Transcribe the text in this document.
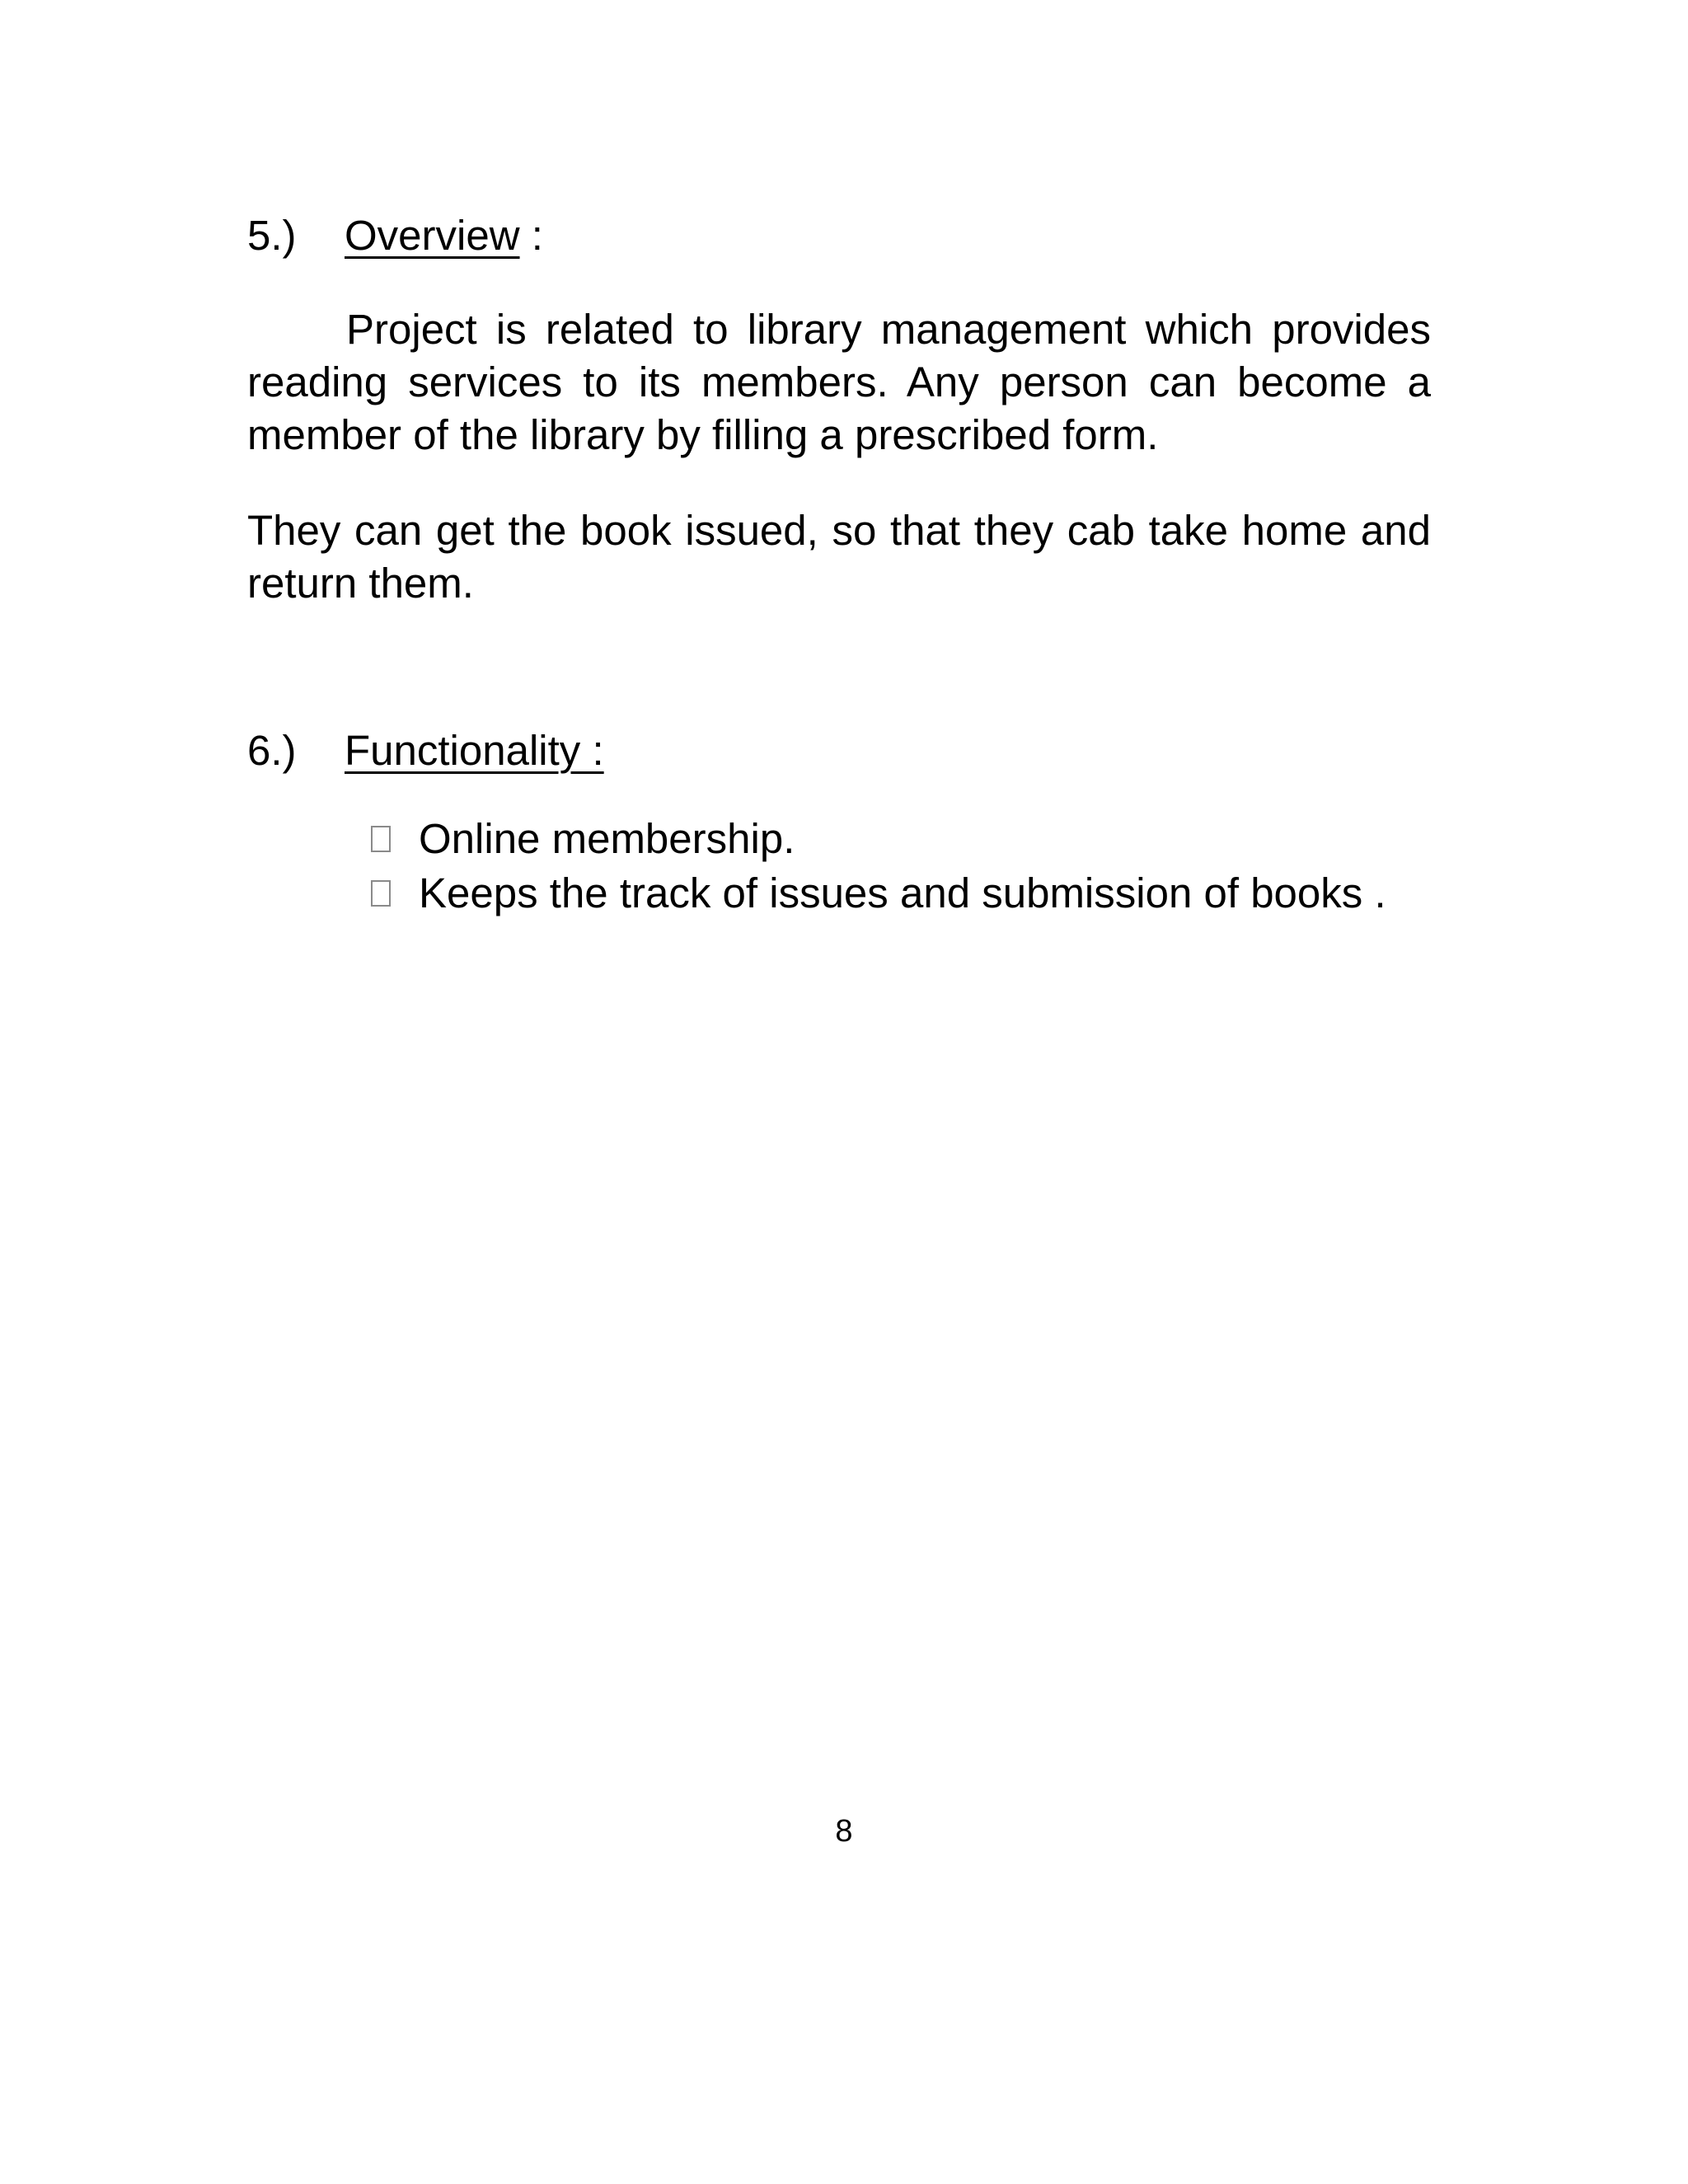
5.) Overview :

Project is related to library management which provides reading services to its members. Any person can become a member of the library by filling a prescribed form.

They can get the book issued, so that they cab take home and return them.

6.) Functionality :
Online membership.
Keeps the track of issues and submission of books .
8
